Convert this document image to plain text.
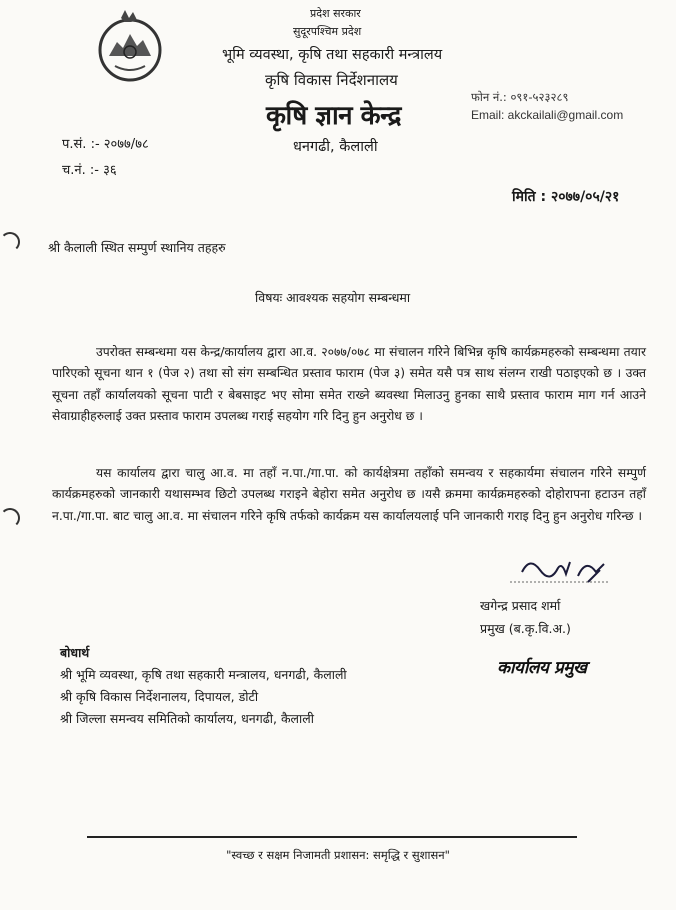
प्रदेश सरकार
सुदूरपश्चिम प्रदेश
भूमि व्यवस्था, कृषि तथा सहकारी मन्त्रालय
कृषि विकास निर्देशनालय
कृषि ज्ञान केन्द्र
धनगढी, कैलाली
फोन नं.: ०९१-५२३२८९
Email: akckailali@gmail.com
प.सं. :- २०७७/७८
च.नं. :- ३६
मिति : २०७७/०५/२१
श्री कैलाली स्थित सम्पुर्ण स्थानिय तहहरु
विषयः आवश्यक सहयोग सम्बन्धमा

उपरोक्त सम्बन्धमा यस केन्द्र/कार्यालय द्वारा आ.व. २०७७/०७८ मा संचालन गरिने बिभिन्न कृषि कार्यक्रमहरुको सम्बन्धमा तयार पारिएको सूचना थान १ (पेज २) तथा सो संग सम्बन्धित प्रस्ताव फाराम (पेज ३) समेत यसै पत्र साथ संलग्न राखी पठाइएको छ । उक्त सूचना तहाँ कार्यालयको सूचना पाटी र बेबसाइट भए सोमा समेत राख्ने ब्यवस्था मिलाउनु हुनका साथै प्रस्ताव फाराम माग गर्न आउने सेवाग्राहीहरुलाई उक्त प्रस्ताव फाराम उपलब्ध गराई सहयोग गरि दिनु हुन अनुरोध छ ।

यस कार्यालय द्वारा चालु आ.व. मा तहाँ न.पा./गा.पा. को कार्यक्षेत्रमा तहाँको समन्वय र सहकार्यमा संचालन गरिने सम्पुर्ण कार्यक्रमहरुको जानकारी यथासम्भव छिटो उपलब्ध गराइने बेहोरा समेत अनुरोध छ ।यसै क्रममा कार्यक्रमहरुको दोहोरापना हटाउन तहाँ न.पा./गा.पा. बाट चालु आ.व. मा संचालन गरिने कृषि तर्फको कार्यक्रम यस कार्यालयलाई पनि जानकारी गराइ दिनु हुन अनुरोध गरिन्छ ।

खगेन्द्र प्रसाद शर्मा
प्रमुख (ब.कृ.वि.अ.)
कार्यालय प्रमुख
बोधार्थ
श्री भूमि व्यवस्था, कृषि तथा सहकारी मन्त्रालय, धनगढी, कैलाली
श्री कृषि विकास निर्देशनालय, दिपायल, डोटी
श्री जिल्ला समन्वय समितिको कार्यालय, धनगढी, कैलाली
"स्वच्छ र सक्षम निजामती प्रशासन: समृद्धि र सुशासन"
